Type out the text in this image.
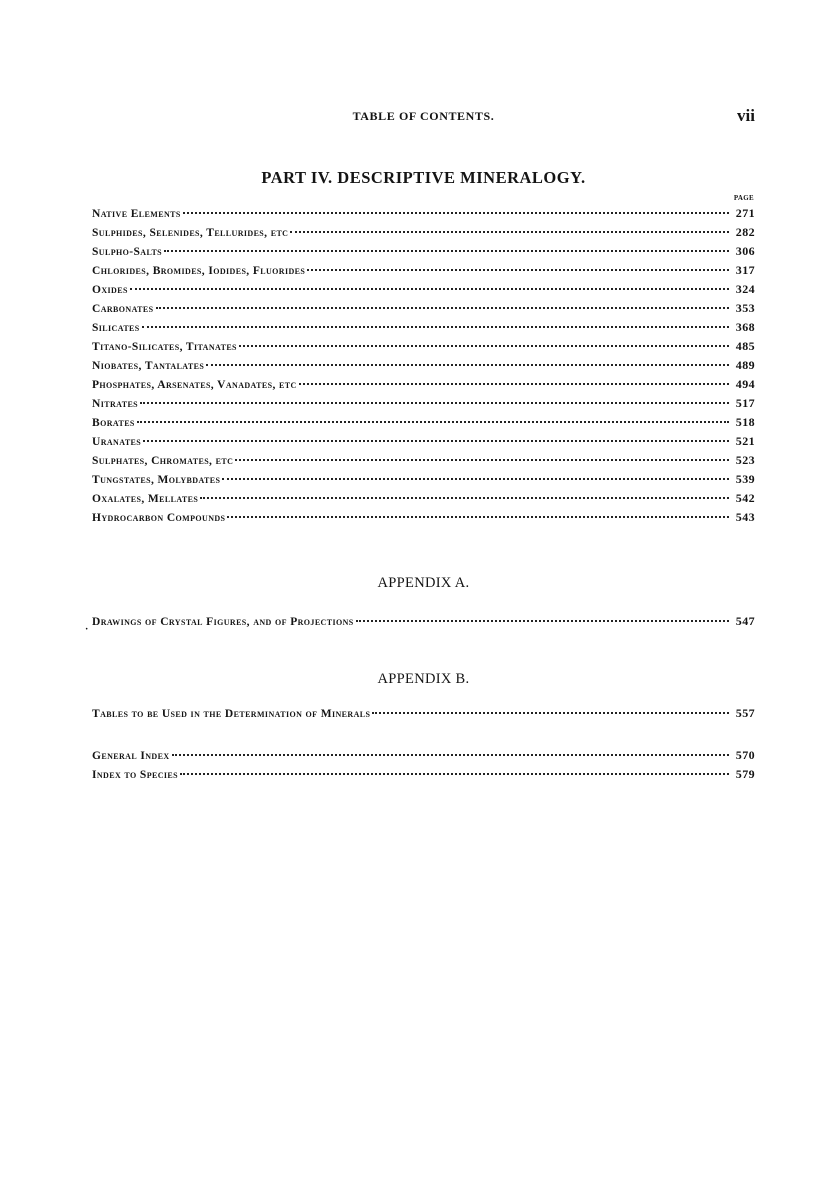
TABLE OF CONTENTS.	vii
PART IV. DESCRIPTIVE MINERALOGY.
PAGE
Native Elements	271
Sulphides, Selenides, Tellurides, etc	282
Sulpho-Salts	306
Chlorides, Bromides, Iodides, Fluorides	317
Oxides	324
Carbonates	353
Silicates	368
Titano-Silicates, Titanates	485
Niobates, Tantalates	489
Phosphates, Arsenates, Vanadates, etc	494
Nitrates	517
Borates	518
Uranates	521
Sulphates, Chromates, etc	523
Tungstates, Molybdates	539
Oxalates, Mellates	542
Hydrocarbon Compounds	543
APPENDIX A.
·
Drawings of Crystal Figures, and of Projections	547
APPENDIX B.
Tables to be Used in the Determination of Minerals	557
General Index	570
Index to Species	579
